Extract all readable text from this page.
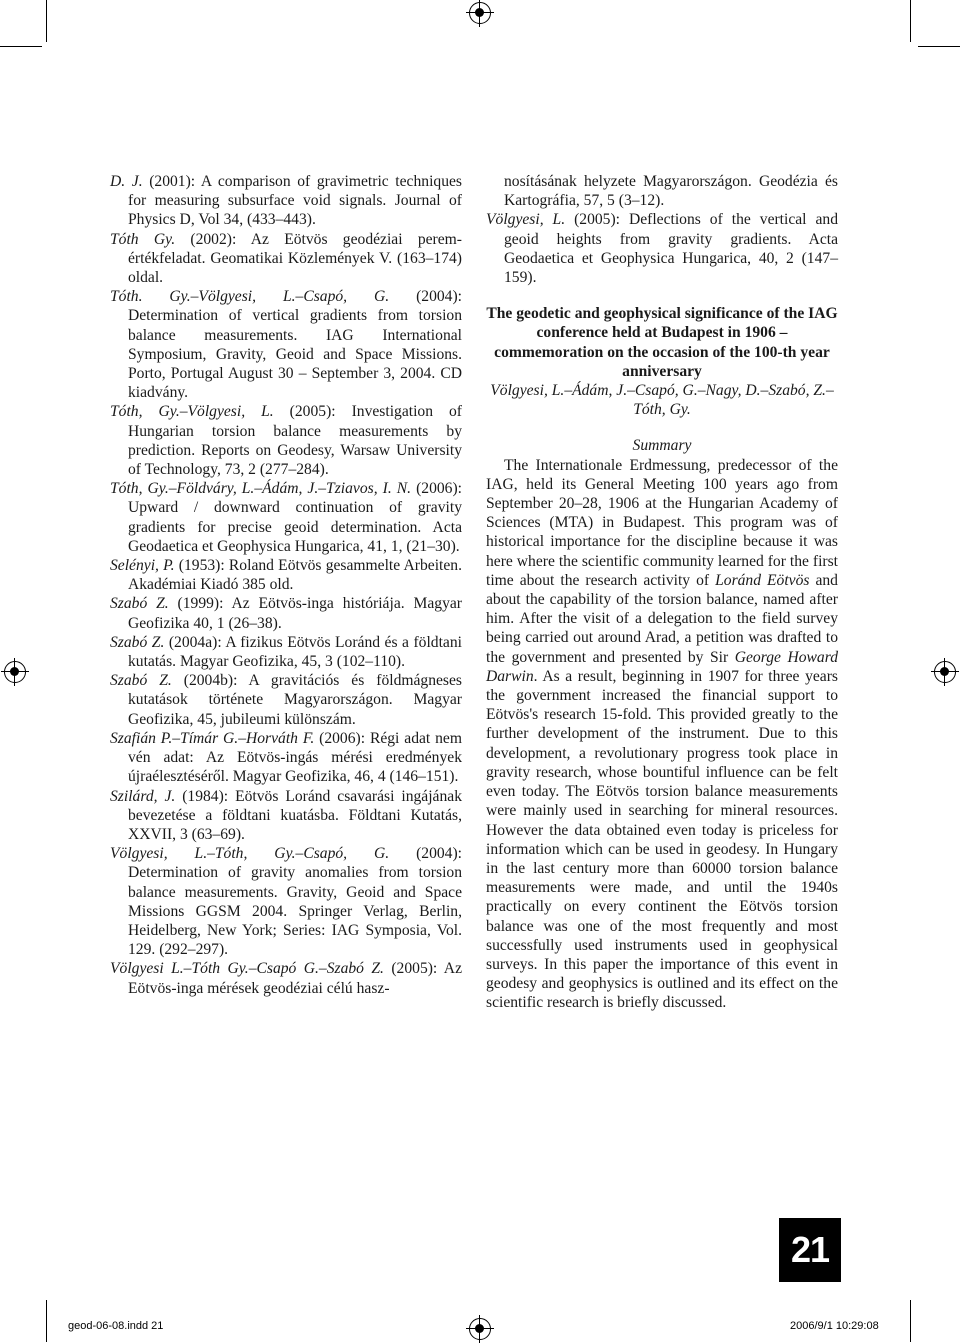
D. J. (2001): A comparison of gravimetric techniques for measuring subsurface void signals. Journal of Physics D, Vol 34, (433–443).

Tóth Gy. (2002): Az Eötvös geodéziai perem-értékfeladat. Geomatikai Közlemények V. (163–174) oldal.

Tóth. Gy.–Völgyesi, L.–Csapó, G. (2004): Determination of vertical gradients from torsion balance measurements. IAG International Symposium, Gravity, Geoid and Space Missions. Porto, Portugal August 30 – September 3, 2004. CD kiadvány.

Tóth, Gy.–Völgyesi, L. (2005): Investigation of Hungarian torsion balance measurements by prediction. Reports on Geodesy, Warsaw University of Technology, 73, 2 (277–284).

Tóth, Gy.–Földváry, L.–Ádám, J.–Tziavos, I. N. (2006): Upward / downward continuation of gravity gradients for precise geoid determination. Acta Geodaetica et Geophysica Hungarica, 41, 1, (21–30).

Selényi, P. (1953): Roland Eötvös gesammelte Arbeiten. Akadémiai Kiadó 385 old.

Szabó Z. (1999): Az Eötvös-inga históriája. Magyar Geofizika 40, 1 (26–38).

Szabó Z. (2004a): A fizikus Eötvös Loránd és a földtani kutatás. Magyar Geofizika, 45, 3 (102–110).

Szabó Z. (2004b): A gravitációs és földmágneses kutatások története Magyarországon. Magyar Geofizika, 45, jubileumi különszám.

Szafián P.–Tímár G.–Horváth F. (2006): Régi adat nem vén adat: Az Eötvös-ingás mérési eredmények újraélesztéséről. Magyar Geofizika, 46, 4 (146–151).

Szilárd, J. (1984): Eötvös Loránd csavarási ingájának bevezetése a földtani kuatásba. Földtani Kutatás, XXVII, 3 (63–69).

Völgyesi, L.–Tóth, Gy.–Csapó, G. (2004): Determination of gravity anomalies from torsion balance measurements. Gravity, Geoid and Space Missions GGSM 2004. Springer Verlag, Berlin, Heidelberg, New York; Series: IAG Symposia, Vol. 129. (292–297).

Völgyesi L.–Tóth Gy.–Csapó G.–Szabó Z. (2005): Az Eötvös-inga mérések geodéziai célú hasz-

nosításának helyzete Magyarországon. Geodézia és Kartográfia, 57, 5 (3–12).

Völgyesi, L. (2005): Deflections of the vertical and geoid heights from gravity gradients. Acta Geodaetica et Geophysica Hungarica, 40, 2 (147–159).

The geodetic and geophysical significance of the IAG conference held at Budapest in 1906 – commemoration on the occasion of the 100-th year anniversary

Völgyesi, L.–Ádám, J.–Csapó, G.–Nagy, D.–Szabó, Z.–Tóth, Gy.

Summary

The Internationale Erdmessung, predecessor of the IAG, held its General Meeting 100 years ago from September 20–28, 1906 at the Hungarian Academy of Sciences (MTA) in Budapest. This program was of historical importance for the discipline because it was here where the scientific community learned for the first time about the research activity of Loránd Eötvös and about the capability of the torsion balance, named after him. After the visit of a delegation to the field survey being carried out around Arad, a petition was drafted to the government and presented by Sir George Howard Darwin. As a result, beginning in 1907 for three years the government increased the financial support to Eötvös's research 15-fold. This provided greatly to the further development of the instrument. Due to this development, a revolutionary progress took place in gravity research, whose bountiful influence can be felt even today. The Eötvös torsion balance measurements were mainly used in searching for mineral resources. However the data obtained even today is priceless for information which can be used in geodesy. In Hungary in the last century more than 60000 torsion balance measurements were made, and until the 1940s practically on every continent the Eötvös torsion balance was one of the most frequently and most successfully used instruments used in geophysical surveys. In this paper the importance of this event in geodesy and geophysics is outlined and its effect on the scientific research is briefly discussed.

21
geod-06-08.indd 21	2006/9/1 10:29:08
